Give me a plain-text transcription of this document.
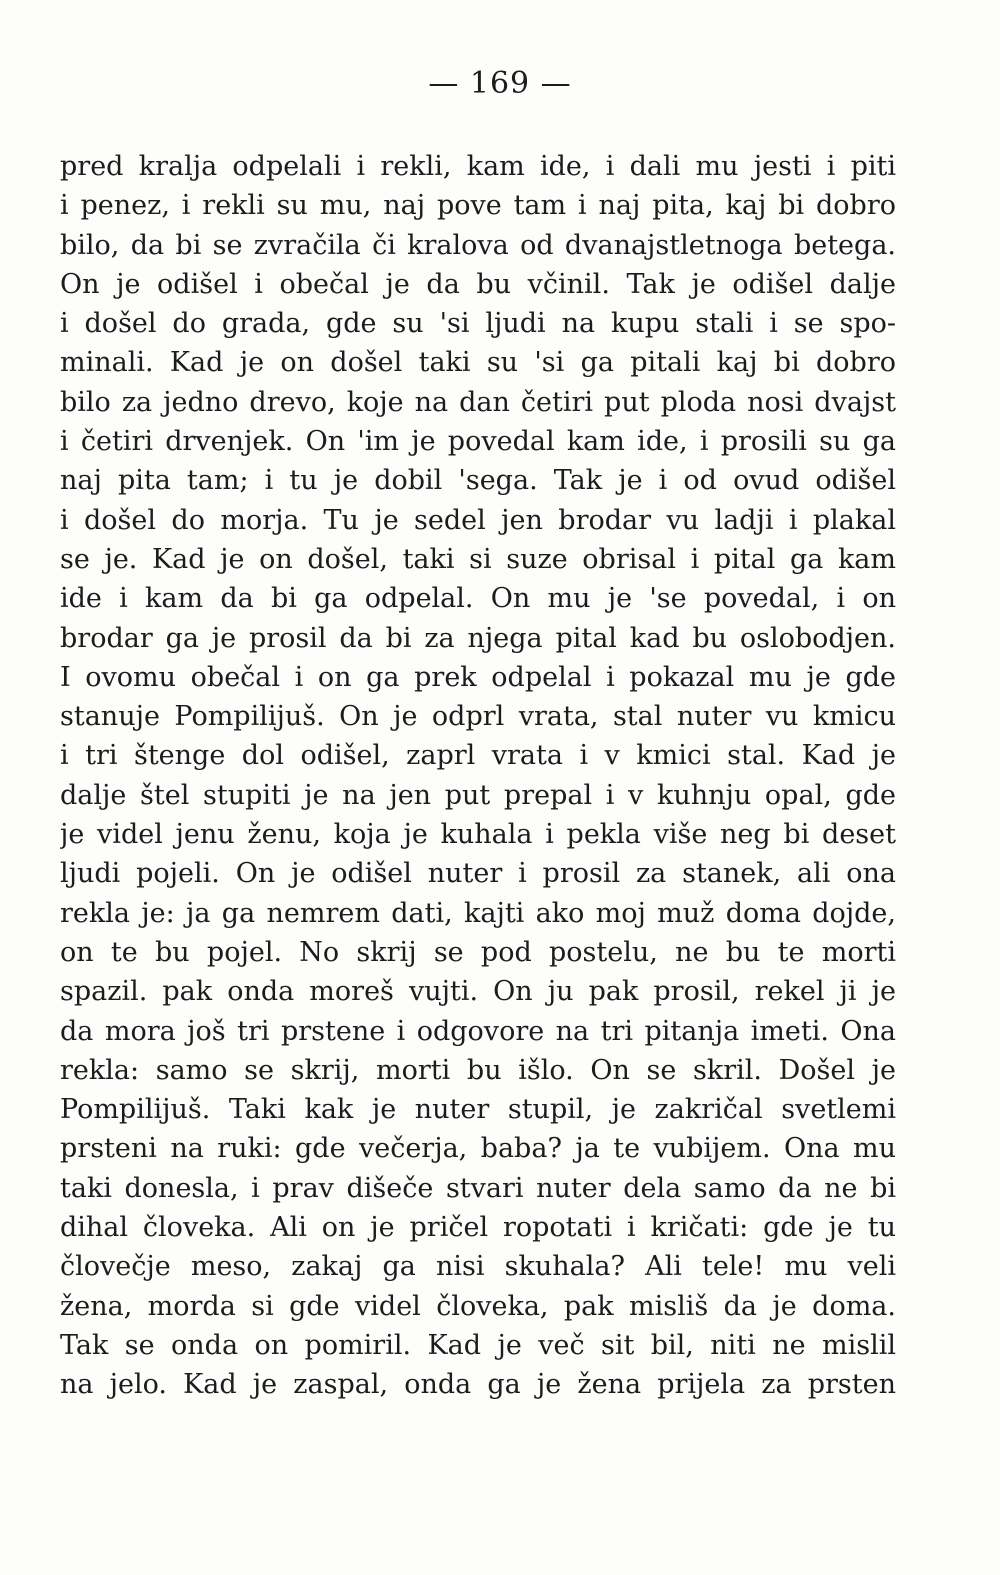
— 169 —
pred kralja odpelali i rekli, kam ide, i dali mu jesti i piti
i penez, i rekli su mu, naj pove tam i naj pita, kaj bi dobro
bilo, da bi se zvračila či kralova od dvanajstletnoga betega.
On je odišel i obečal je da bu včinil. Tak je odišel dalje
i došel do grada, gde su 'si ljudi na kupu stali i se spo-
minali. Kad je on došel taki su 'si ga pitali kaj bi dobro
bilo za jedno drevo, koje na dan četiri put ploda nosi dvajst
i četiri drvenjek. On 'im je povedal kam ide, i prosili su ga
naj pita tam; i tu je dobil 'sega. Tak je i od ovud odišel
i došel do morja. Tu je sedel jen brodar vu ladji i plakal
se je. Kad je on došel, taki si suze obrisal i pital ga kam
ide i kam da bi ga odpelal. On mu je 'se povedal, i on
brodar ga je prosil da bi za njega pital kad bu oslobodjen.
I ovomu obečal i on ga prek odpelal i pokazal mu je gde
stanuje Pompilijuš. On je odprl vrata, stal nuter vu kmicu
i tri štenge dol odišel, zaprl vrata i v kmici stal. Kad je
dalje štel stupiti je na jen put prepal i v kuhnju opal, gde
je videl jenu ženu, koja je kuhala i pekla više neg bi deset
ljudi pojeli. On je odišel nuter i prosil za stanek, ali ona
rekla je: ja ga nemrem dati, kajti ako moj muž doma dojde,
on te bu pojel. No skrij se pod postelu, ne bu te morti
spazil. pak onda moreš vujti. On ju pak prosil, rekel ji je
da mora još tri prstene i odgovore na tri pitanja imeti. Ona
rekla: samo se skrij, morti bu išlo. On se skril. Došel je
Pompilijuš. Taki kak je nuter stupil, je zakričal svetlemi
prsteni na ruki: gde večerja, baba? ja te vubijem. Ona mu
taki donesla, i prav dišeče stvari nuter dela samo da ne bi
dihal človeka. Ali on je pričel ropotati i kričati: gde je tu
človečje meso, zakaj ga nisi skuhala? Ali tele! mu veli
žena, morda si gde videl človeka, pak misliš da je doma.
Tak se onda on pomiril. Kad je več sit bil, niti ne mislil
na jelo. Kad je zaspal, onda ga je žena prijela za prsten
